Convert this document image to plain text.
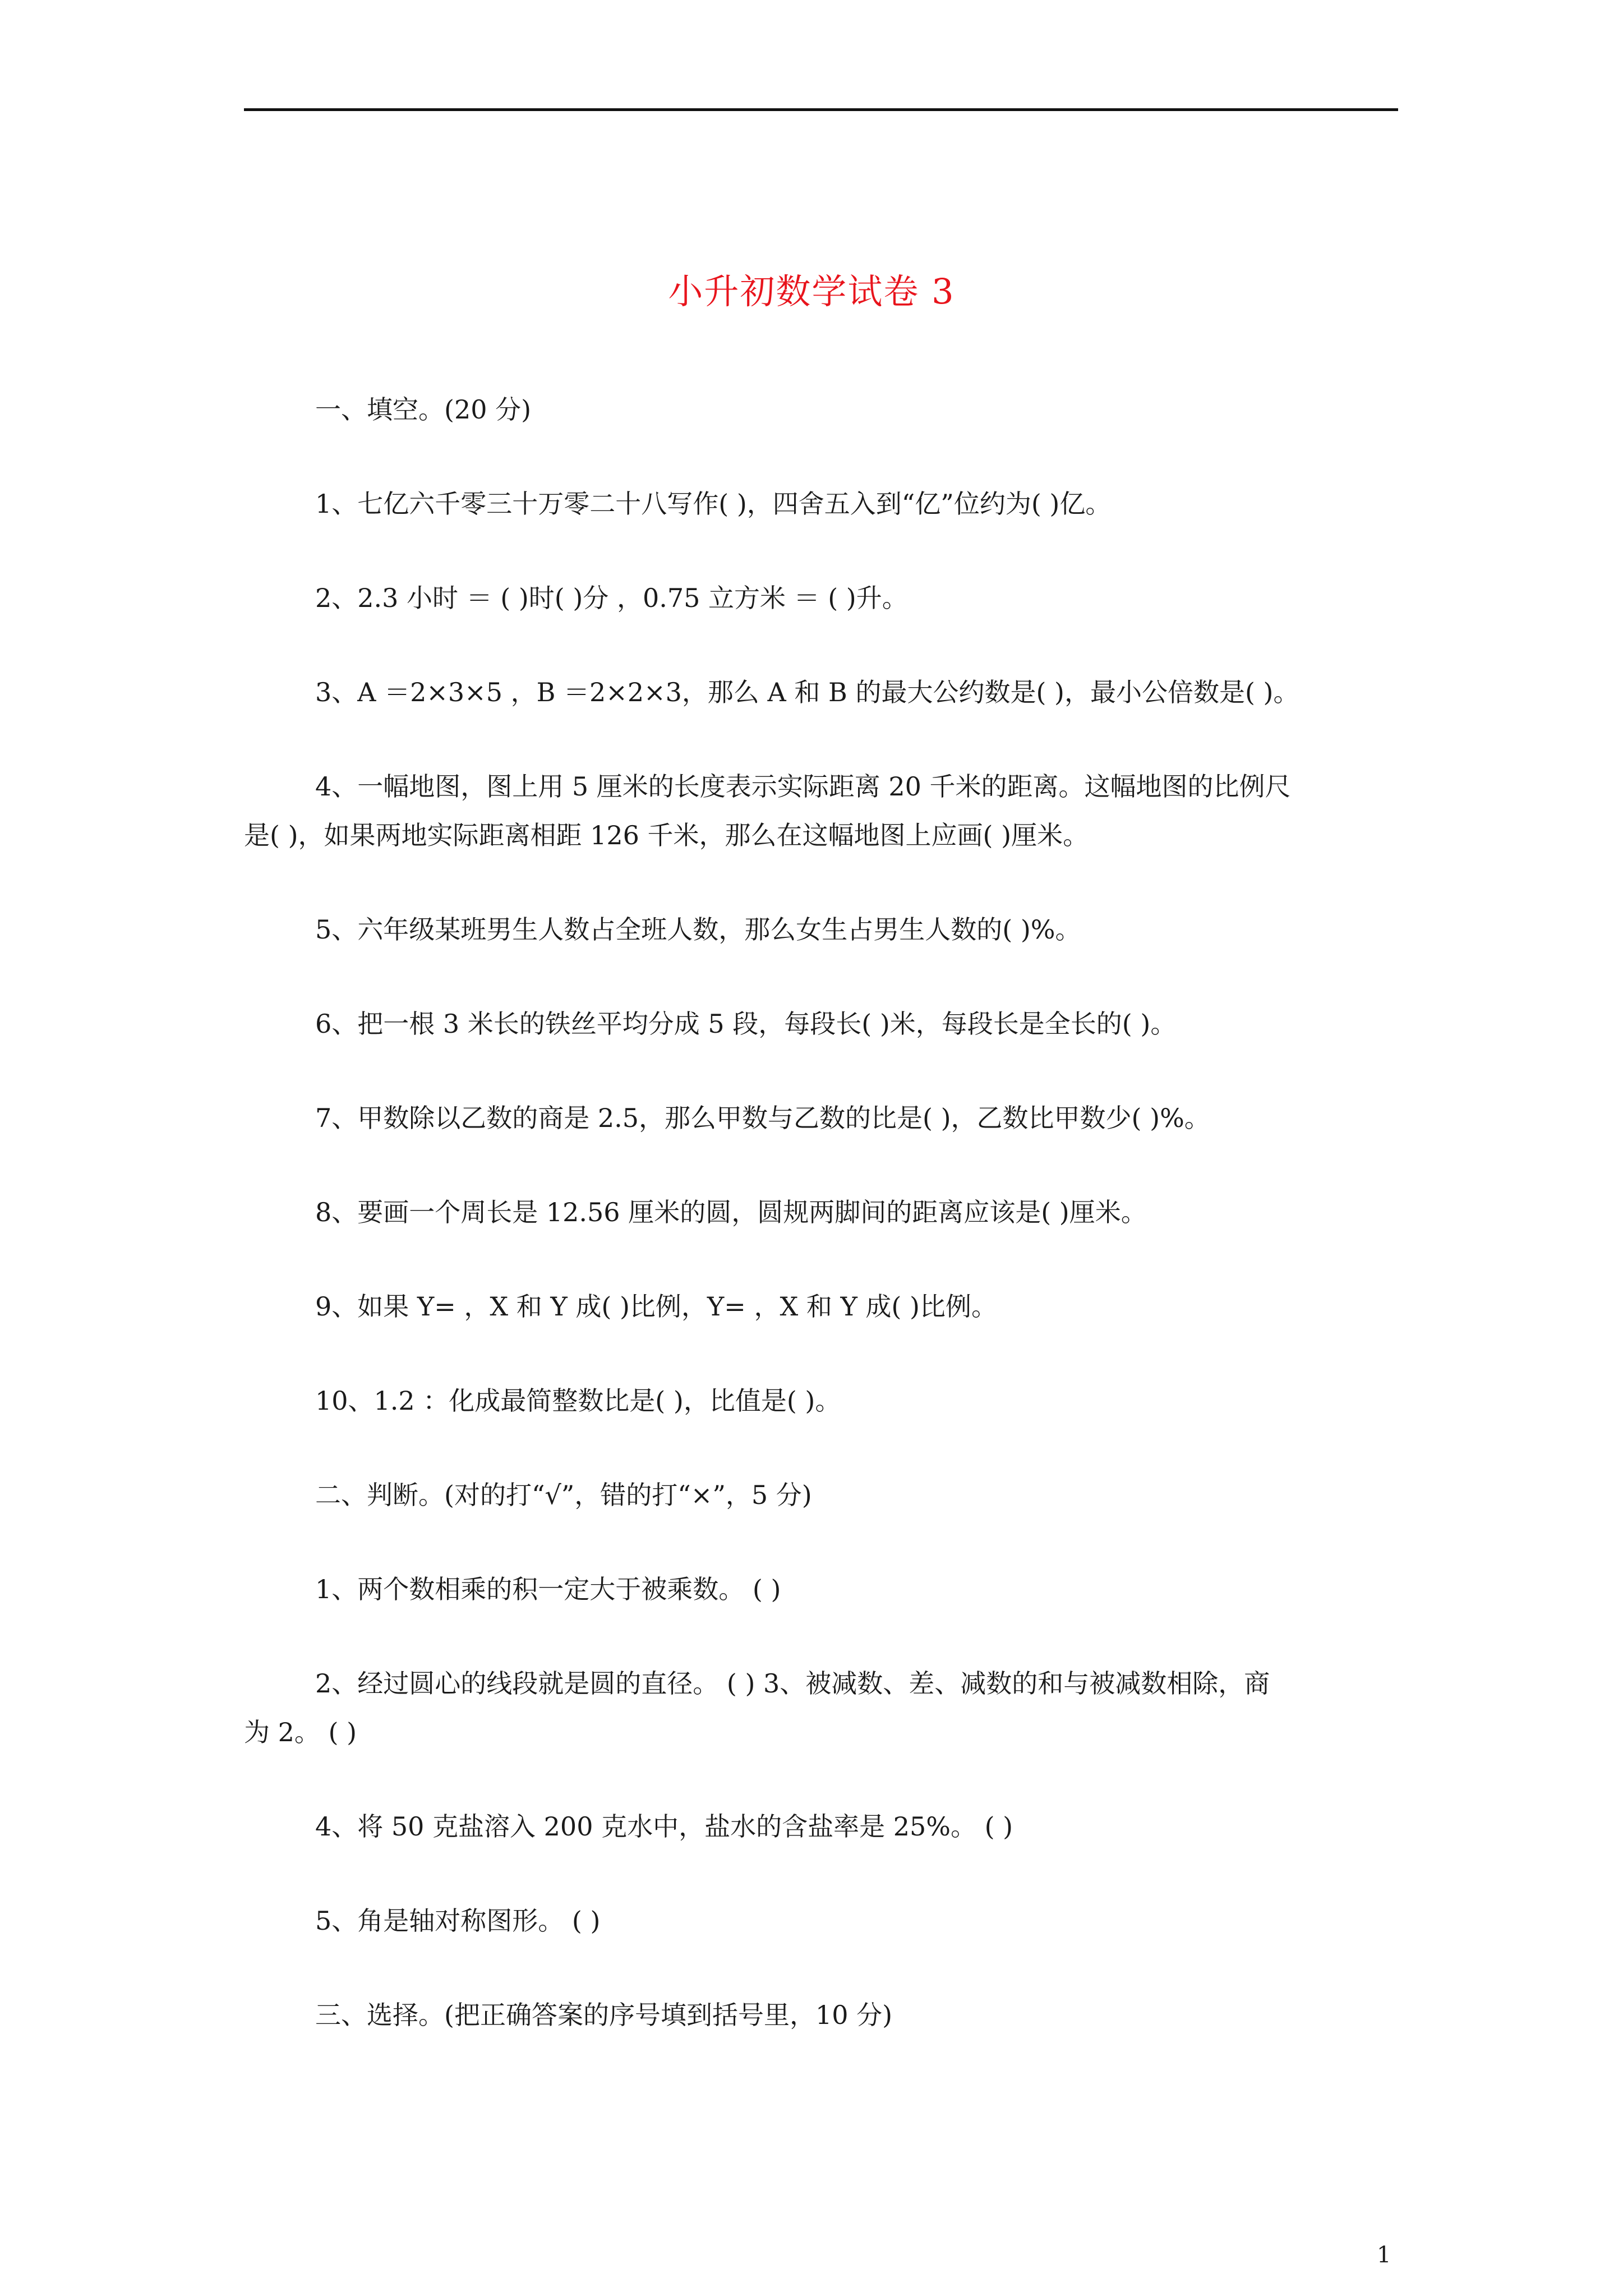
小升初数学试卷 3
一、填空。(20 分)
1、七亿六千零三十万零二十八写作( )，四舍五入到“亿”位约为( )亿。
2、2.3 小时 ＝ ( )时( )分 ，0.75 立方米 ＝ ( )升。
3、A ＝2×3×5 ，B ＝2×2×3，那么 A 和 B 的最大公约数是( )，最小公倍数是( )。
4、一幅地图，图上用 5 厘米的长度表示实际距离 20 千米的距离。这幅地图的比例尺
是( )，如果两地实际距离相距 126 千米，那么在这幅地图上应画( )厘米。
5、六年级某班男生人数占全班人数，那么女生占男生人数的( )%。
6、把一根 3 米长的铁丝平均分成 5 段，每段长( )米，每段长是全长的( )。
7、甲数除以乙数的商是 2.5，那么甲数与乙数的比是( )，乙数比甲数少( )%。
8、要画一个周长是 12.56 厘米的圆，圆规两脚间的距离应该是( )厘米。
9、如果 Y= ，X 和 Y 成( )比例，Y= ，X 和 Y 成( )比例。
10、1.2 ：化成最简整数比是( )，比值是( )。
二、判断。(对的打“√”，错的打“×”，5 分)
1、两个数相乘的积一定大于被乘数。 ( )
2、经过圆心的线段就是圆的直径。 ( ) 3、被减数、差、减数的和与被减数相除，商
为 2。 ( )
4、将 50 克盐溶入 200 克水中，盐水的含盐率是 25%。 ( )
5、角是轴对称图形。 ( )
三、选择。(把正确答案的序号填到括号里，10 分)
1
